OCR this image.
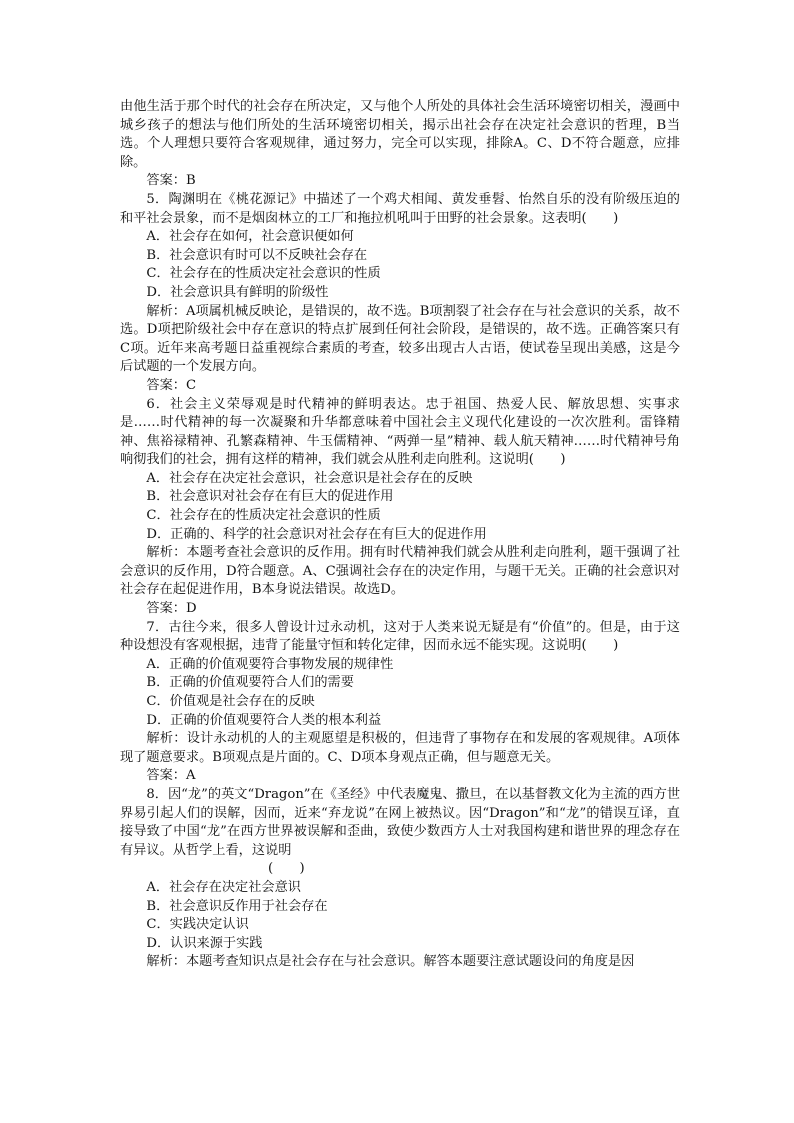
由他生活于那个时代的社会存在所决定，又与他个人所处的具体社会生活环境密切相关，漫画中城乡孩子的想法与他们所处的生活环境密切相关，揭示出社会存在决定社会意识的哲理，B当选。个人理想只要符合客观规律，通过努力，完全可以实现，排除A。C、D不符合题意，应排除。

答案：B

5．陶渊明在《桃花源记》中描述了一个鸡犬相闻、黄发垂髫、怡然自乐的没有阶级压迫的和平社会景象，而不是烟囱林立的工厂和拖拉机吼叫于田野的社会景象。这表明(　　)

A．社会存在如何，社会意识便如何

B．社会意识有时可以不反映社会存在

C．社会存在的性质决定社会意识的性质

D．社会意识具有鲜明的阶级性

解析：A项属机械反映论，是错误的，故不选。B项割裂了社会存在与社会意识的关系，故不选。D项把阶级社会中存在意识的特点扩展到任何社会阶段，是错误的，故不选。正确答案只有C项。近年来高考题日益重视综合素质的考查，较多出现古人古语，使试卷呈现出美感，这是今后试题的一个发展方向。

答案：C

6．社会主义荣辱观是时代精神的鲜明表达。忠于祖国、热爱人民、解放思想、实事求是……时代精神的每一次凝聚和升华都意味着中国社会主义现代化建设的一次次胜利。雷锋精神、焦裕禄精神、孔繁森精神、牛玉儒精神、“两弹一星”精神、载人航天精神……时代精神号角响彻我们的社会，拥有这样的精神，我们就会从胜利走向胜利。这说明(　　)

A．社会存在决定社会意识，社会意识是社会存在的反映

B．社会意识对社会存在有巨大的促进作用

C．社会存在的性质决定社会意识的性质

D．正确的、科学的社会意识对社会存在有巨大的促进作用

解析：本题考查社会意识的反作用。拥有时代精神我们就会从胜利走向胜利，题干强调了社会意识的反作用，D符合题意。A、C强调社会存在的决定作用，与题干无关。正确的社会意识对社会存在起促进作用，B本身说法错误。故选D。

答案：D

7．古往今来，很多人曾设计过永动机，这对于人类来说无疑是有“价值”的。但是，由于这种设想没有客观根据，违背了能量守恒和转化定律，因而永远不能实现。这说明(　　)

A．正确的价值观要符合事物发展的规律性

B．正确的价值观要符合人们的需要

C．价值观是社会存在的反映

D．正确的价值观要符合人类的根本利益

解析：设计永动机的人的主观愿望是积极的，但违背了事物存在和发展的客观规律。A项体现了题意要求。B项观点是片面的。C、D项本身观点正确，但与题意无关。

答案：A

8．因“龙”的英文“Dragon”在《圣经》中代表魔鬼、撒旦，在以基督教文化为主流的西方世界易引起人们的误解，因而，近来“弃龙说”在网上被热议。因“Dragon”和“龙”的错误互译，直接导致了中国“龙”在西方世界被误解和歪曲，致使少数西方人士对我国构建和谐世界的理念存在有异议。从哲学上看，这说明

(　　)

A．社会存在决定社会意识

B．社会意识反作用于社会存在

C．实践决定认识

D．认识来源于实践

解析：本题考查知识点是社会存在与社会意识。解答本题要注意试题设问的角度是因
